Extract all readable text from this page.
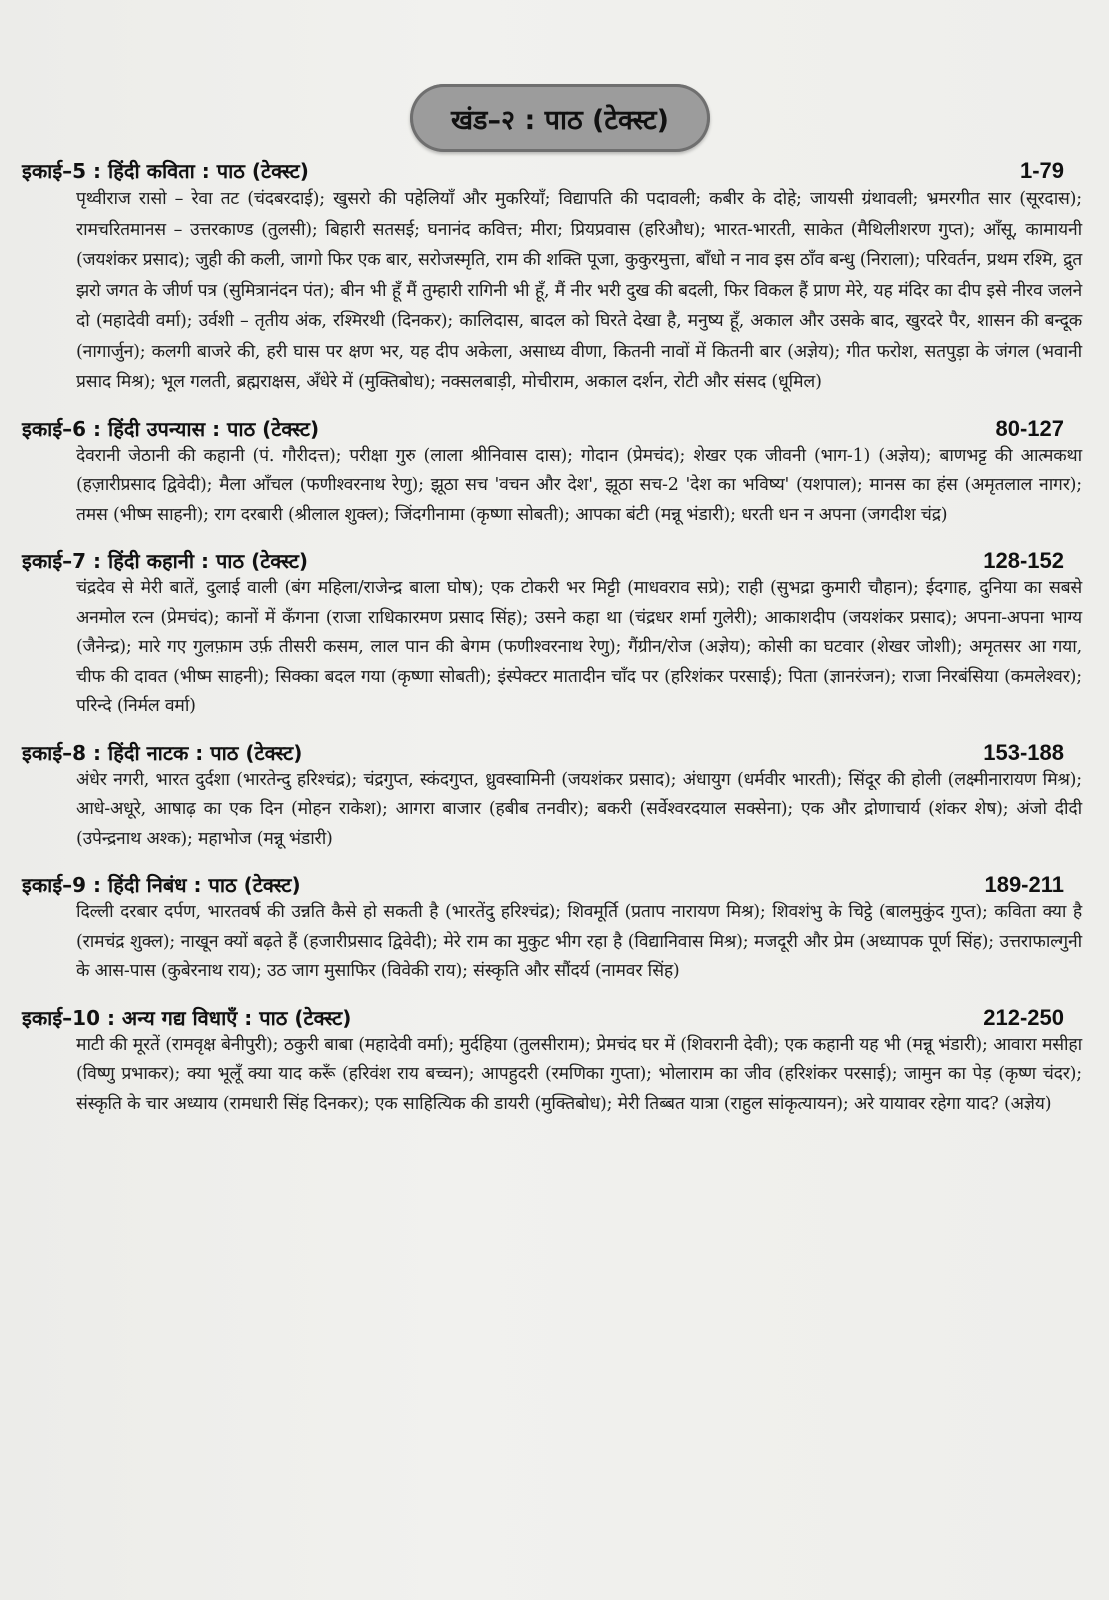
खंड–२ : पाठ (टेक्स्ट)
इकाई–5 : हिंदी कविता : पाठ (टेक्स्ट)	1-79
पृथ्वीराज रासो – रेवा तट (चंदबरदाई); खुसरो की पहेलियाँ और मुकरियाँ; विद्यापति की पदावली; कबीर के दोहे; जायसी ग्रंथावली; भ्रमरगीत सार (सूरदास); रामचरितमानस – उत्तरकाण्ड (तुलसी); बिहारी सतसई; घनानंद कवित्त; मीरा; प्रियप्रवास (हरिऔध); भारत-भारती, साकेत (मैथिलीशरण गुप्त); आँसू, कामायनी (जयशंकर प्रसाद); जुही की कली, जागो फिर एक बार, सरोजस्मृति, राम की शक्ति पूजा, कुकुरमुत्ता, बाँधो न नाव इस ठाँव बन्धु (निराला); परिवर्तन, प्रथम रश्मि, द्रुत झरो जगत के जीर्ण पत्र (सुमित्रानंदन पंत); बीन भी हूँ मैं तुम्हारी रागिनी भी हूँ, मैं नीर भरी दुख की बदली, फिर विकल हैं प्राण मेरे, यह मंदिर का दीप इसे नीरव जलने दो (महादेवी वर्मा); उर्वशी – तृतीय अंक, रश्मिरथी (दिनकर); कालिदास, बादल को घिरते देखा है, मनुष्य हूँ, अकाल और उसके बाद, खुरदरे पैर, शासन की बन्दूक (नागार्जुन); कलगी बाजरे की, हरी घास पर क्षण भर, यह दीप अकेला, असाध्य वीणा, कितनी नावों में कितनी बार (अज्ञेय); गीत फरोश, सतपुड़ा के जंगल (भवानी प्रसाद मिश्र); भूल गलती, ब्रह्मराक्षस, अँधेरे में (मुक्तिबोध); नक्सलबाड़ी, मोचीराम, अकाल दर्शन, रोटी और संसद (धूमिल)
इकाई–6 : हिंदी उपन्यास : पाठ (टेक्स्ट)	80-127
देवरानी जेठानी की कहानी (पं. गौरीदत्त); परीक्षा गुरु (लाला श्रीनिवास दास); गोदान (प्रेमचंद); शेखर एक जीवनी (भाग-1) (अज्ञेय); बाणभट्ट की आत्मकथा (हज़ारीप्रसाद द्विवेदी); मैला आँचल (फणीश्वरनाथ रेणु); झूठा सच 'वचन और देश', झूठा सच-2 'देश का भविष्य' (यशपाल); मानस का हंस (अमृतलाल नागर); तमस (भीष्म साहनी); राग दरबारी (श्रीलाल शुक्ल); जिंदगीनामा (कृष्णा सोबती); आपका बंटी (मन्नू भंडारी); धरती धन न अपना (जगदीश चंद्र)
इकाई–7 : हिंदी कहानी : पाठ (टेक्स्ट)	128-152
चंद्रदेव से मेरी बातें, दुलाई वाली (बंग महिला/राजेन्द्र बाला घोष); एक टोकरी भर मिट्टी (माधवराव सप्रे); राही (सुभद्रा कुमारी चौहान); ईदगाह, दुनिया का सबसे अनमोल रत्न (प्रेमचंद); कानों में कँगना (राजा राधिकारमण प्रसाद सिंह); उसने कहा था (चंद्रधर शर्मा गुलेरी); आकाशदीप (जयशंकर प्रसाद); अपना-अपना भाग्य (जैनेन्द्र); मारे गए गुलफ़ाम उर्फ़ तीसरी कसम, लाल पान की बेगम (फणीश्वरनाथ रेणु); गैंग्रीन/रोज (अज्ञेय); कोसी का घटवार (शेखर जोशी); अमृतसर आ गया, चीफ की दावत (भीष्म साहनी); सिक्का बदल गया (कृष्णा सोबती); इंस्पेक्टर मातादीन चाँद पर (हरिशंकर परसाई); पिता (ज्ञानरंजन); राजा निरबंसिया (कमलेश्वर); परिन्दे (निर्मल वर्मा)
इकाई–8 : हिंदी नाटक : पाठ (टेक्स्ट)	153-188
अंधेर नगरी, भारत दुर्दशा (भारतेन्दु हरिश्चंद्र); चंद्रगुप्त, स्कंदगुप्त, ध्रुवस्वामिनी (जयशंकर प्रसाद); अंधायुग (धर्मवीर भारती); सिंदूर की होली (लक्ष्मीनारायण मिश्र); आधे-अधूरे, आषाढ़ का एक दिन (मोहन राकेश); आगरा बाजार (हबीब तनवीर); बकरी (सर्वेश्वरदयाल सक्सेना); एक और द्रोणाचार्य (शंकर शेष); अंजो दीदी (उपेन्द्रनाथ अश्क); महाभोज (मन्नू भंडारी)
इकाई–9 : हिंदी निबंध : पाठ (टेक्स्ट)	189-211
दिल्ली दरबार दर्पण, भारतवर्ष की उन्नति कैसे हो सकती है (भारतेंदु हरिश्चंद्र); शिवमूर्ति (प्रताप नारायण मिश्र); शिवशंभु के चिट्ठे (बालमुकुंद गुप्त); कविता क्या है (रामचंद्र शुक्ल); नाखून क्यों बढ़ते हैं (हजारीप्रसाद द्विवेदी); मेरे राम का मुकुट भीग रहा है (विद्यानिवास मिश्र); मजदूरी और प्रेम (अध्यापक पूर्ण सिंह); उत्तराफाल्गुनी के आस-पास (कुबेरनाथ राय); उठ जाग मुसाफिर (विवेकी राय); संस्कृति और सौंदर्य (नामवर सिंह)
इकाई–10 : अन्य गद्य विधाएँ : पाठ (टेक्स्ट)	212-250
माटी की मूरतें (रामवृक्ष बेनीपुरी); ठकुरी बाबा (महादेवी वर्मा); मुर्दहिया (तुलसीराम); प्रेमचंद घर में (शिवरानी देवी); एक कहानी यह भी (मन्नू भंडारी); आवारा मसीहा (विष्णु प्रभाकर); क्या भूलूँ क्या याद करूँ (हरिवंश राय बच्चन); आपहुदरी (रमणिका गुप्ता); भोलाराम का जीव (हरिशंकर परसाई); जामुन का पेड़ (कृष्ण चंदर); संस्कृति के चार अध्याय (रामधारी सिंह दिनकर); एक साहित्यिक की डायरी (मुक्तिबोध); मेरी तिब्बत यात्रा (राहुल सांकृत्यायन); अरे यायावर रहेगा याद? (अज्ञेय)
